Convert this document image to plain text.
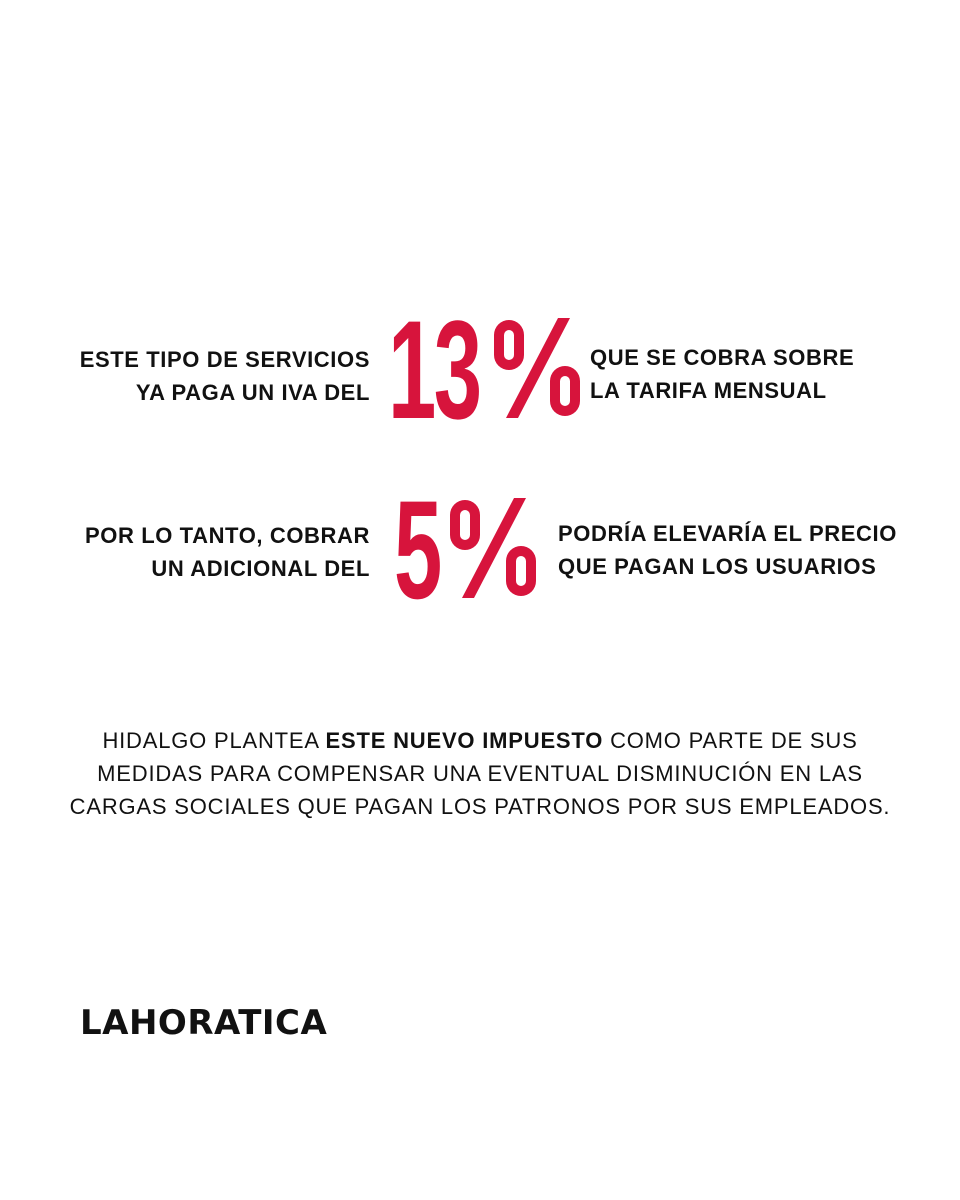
ESTE TIPO DE SERVICIOS
YA PAGA UN IVA DEL 13	QUE SE COBRA SOBRE
LA TARIFA MENSUAL
POR LO TANTO, COBRAR
UN ADICIONAL DEL 5	PODRÍA ELEVARÍA EL PRECIO
QUE PAGAN LOS USUARIOS
HIDALGO PLANTEA ESTE NUEVO IMPUESTO COMO PARTE DE SUS MEDIDAS PARA COMPENSAR UNA EVENTUAL DISMINUCIÓN EN LAS CARGAS SOCIALES QUE PAGAN LOS PATRONOS POR SUS EMPLEADOS.
LAHORATICA
